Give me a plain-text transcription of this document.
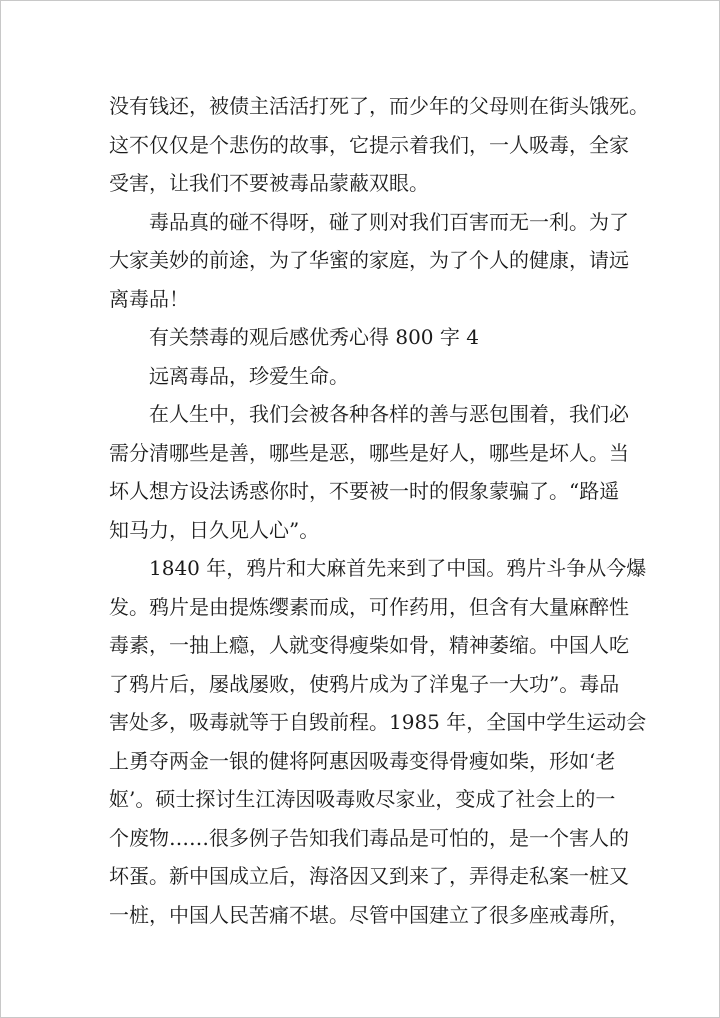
没有钱还，被债主活活打死了，而少年的父母则在街头饿死。
这不仅仅是个悲伤的故事，它提示着我们，一人吸毒，全家
受害，让我们不要被毒品蒙蔽双眼。
毒品真的碰不得呀，碰了则对我们百害而无一利。为了
大家美妙的前途，为了华蜜的家庭，为了个人的健康，请远
离毒品！
有关禁毒的观后感优秀心得 800 字 4
远离毒品，珍爱生命。
在人生中，我们会被各种各样的善与恶包围着，我们必
需分清哪些是善，哪些是恶，哪些是好人，哪些是坏人。当
坏人想方设法诱惑你时，不要被一时的假象蒙骗了。“路遥
知马力，日久见人心”。
1840 年，鸦片和大麻首先来到了中国。鸦片斗争从今爆
发。鸦片是由提炼缨素而成，可作药用，但含有大量麻醉性
毒素，一抽上瘾，人就变得瘦柴如骨，精神萎缩。中国人吃
了鸦片后，屡战屡败，使鸦片成为了洋鬼子一大功”。毒品
害处多，吸毒就等于自毁前程。1985 年，全国中学生运动会
上勇夺两金一银的健将阿惠因吸毒变得骨瘦如柴，形如‘老
妪’。硕士探讨生江涛因吸毒败尽家业，变成了社会上的一
个废物……很多例子告知我们毒品是可怕的，是一个害人的
坏蛋。新中国成立后，海洛因又到来了，弄得走私案一桩又
一桩，中国人民苦痛不堪。尽管中国建立了很多座戒毒所，
